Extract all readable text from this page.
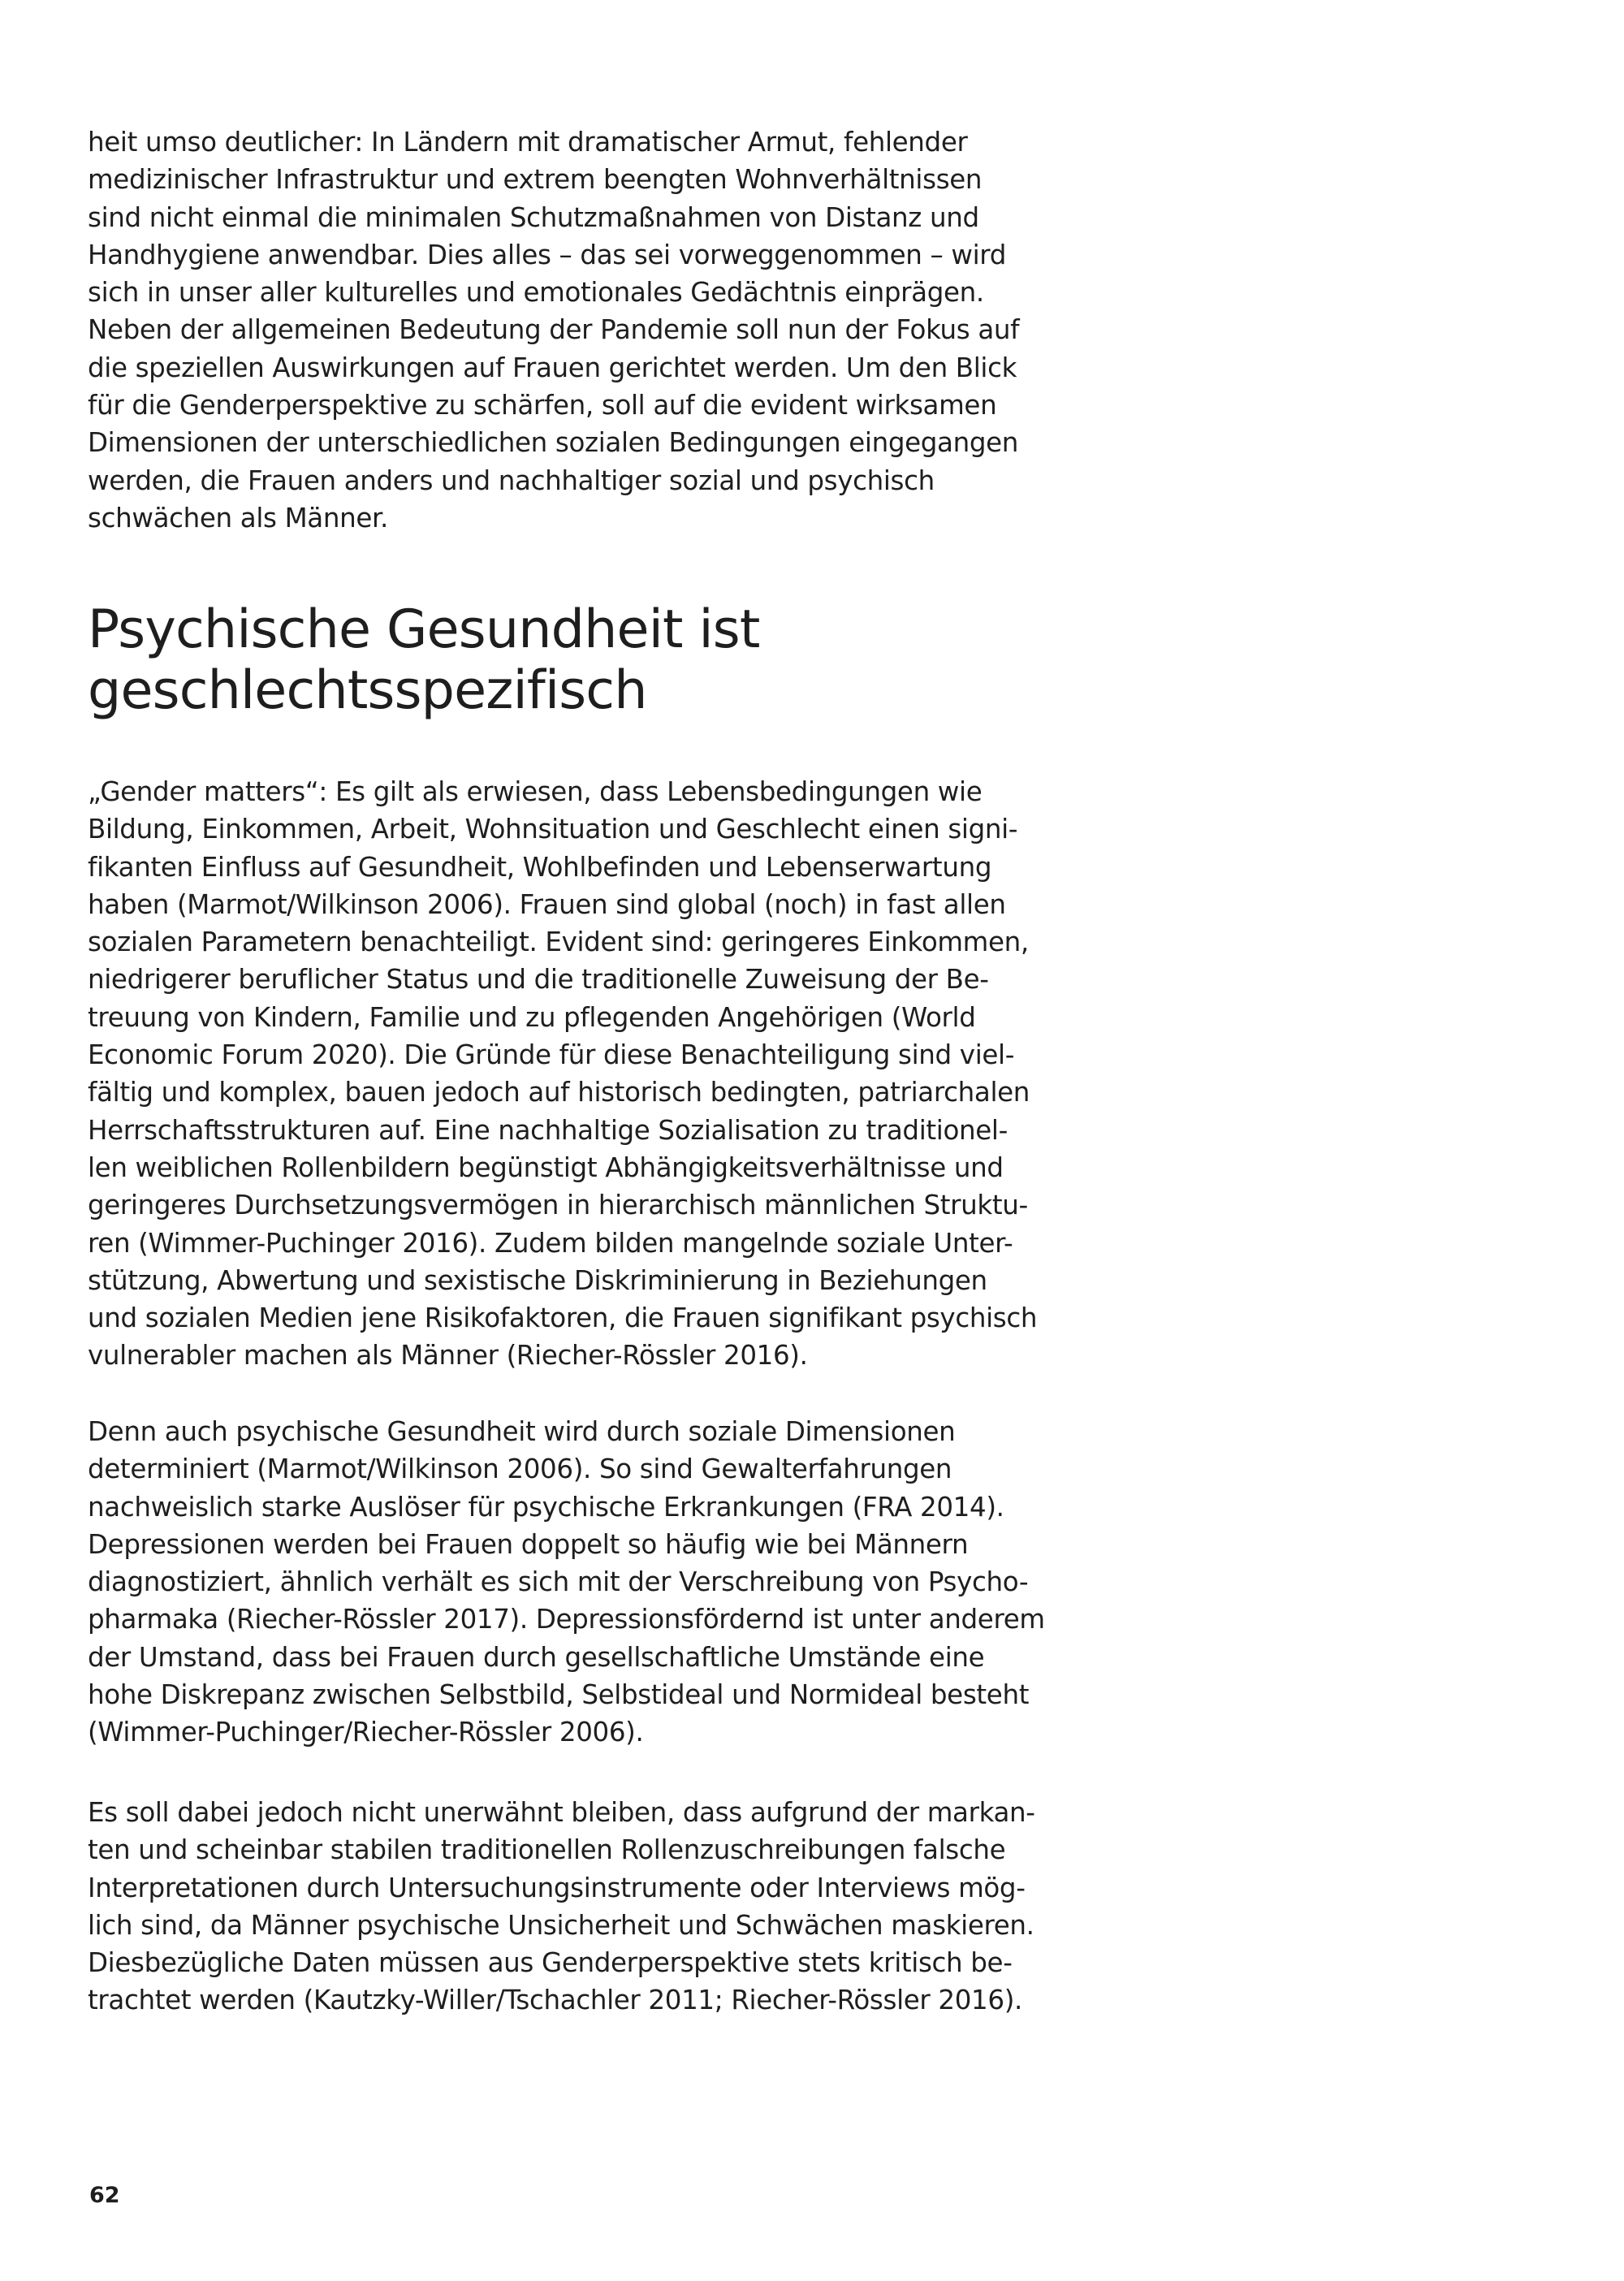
heit umso deutlicher: In Ländern mit dramatischer Armut, fehlender
medizinischer Infrastruktur und extrem beengten Wohnverhältnissen
sind nicht einmal die minimalen Schutzmaßnahmen von Distanz und
Handhygiene anwendbar. Dies alles – das sei vorweggenommen – wird
sich in unser aller kulturelles und emotionales Gedächtnis einprägen.
Neben der allgemeinen Bedeutung der Pandemie soll nun der Fokus auf
die speziellen Auswirkungen auf Frauen gerichtet werden. Um den Blick
für die Genderperspektive zu schärfen, soll auf die evident wirksamen
Dimensionen der unterschiedlichen sozialen Bedingungen eingegangen
werden, die Frauen anders und nachhaltiger sozial und psychisch
schwächen als Männer.

Psychische Gesundheit ist
geschlechtsspezifisch

„Gender matters“: Es gilt als erwiesen, dass Lebensbedingungen wie
Bildung, Einkommen, Arbeit, Wohnsituation und Geschlecht einen signi-
fikanten Einfluss auf Gesundheit, Wohlbefinden und Lebenserwartung
haben (Marmot/Wilkinson 2006). Frauen sind global (noch) in fast allen
sozialen Parametern benachteiligt. Evident sind: geringeres Einkommen,
niedrigerer beruflicher Status und die traditionelle Zuweisung der Be-
treuung von Kindern, Familie und zu pflegenden Angehörigen (World
Economic Forum 2020). Die Gründe für diese Benachteiligung sind viel-
fältig und komplex, bauen jedoch auf historisch bedingten, patriarchalen
Herrschaftsstrukturen auf. Eine nachhaltige Sozialisation zu traditionel-
len weiblichen Rollenbildern begünstigt Abhängigkeitsverhältnisse und
geringeres Durchsetzungsvermögen in hierarchisch männlichen Struktu-
ren (Wimmer-Puchinger 2016). Zudem bilden mangelnde soziale Unter-
stützung, Abwertung und sexistische Diskriminierung in Beziehungen
und sozialen Medien jene Risikofaktoren, die Frauen signifikant psychisch
vulnerabler machen als Männer (Riecher-Rössler 2016).

Denn auch psychische Gesundheit wird durch soziale Dimensionen
determiniert (Marmot/Wilkinson 2006). So sind Gewalterfahrungen
nachweislich starke Auslöser für psychische Erkrankungen (FRA 2014).
Depressionen werden bei Frauen doppelt so häufig wie bei Männern
diagnostiziert, ähnlich verhält es sich mit der Verschreibung von Psycho-
pharmaka (Riecher-Rössler 2017). Depressionsfördernd ist unter anderem
der Umstand, dass bei Frauen durch gesellschaftliche Umstände eine
hohe Diskrepanz zwischen Selbstbild, Selbstideal und Normideal besteht
(Wimmer-Puchinger/Riecher-Rössler 2006).

Es soll dabei jedoch nicht unerwähnt bleiben, dass aufgrund der markan-
ten und scheinbar stabilen traditionellen Rollenzuschreibungen falsche
Interpretationen durch Untersuchungsinstrumente oder Interviews mög-
lich sind, da Männer psychische Unsicherheit und Schwächen maskieren.
Diesbezügliche Daten müssen aus Genderperspektive stets kritisch be-
trachtet werden (Kautzky-Willer/Tschachler 2011; Riecher-Rössler 2016).

62
